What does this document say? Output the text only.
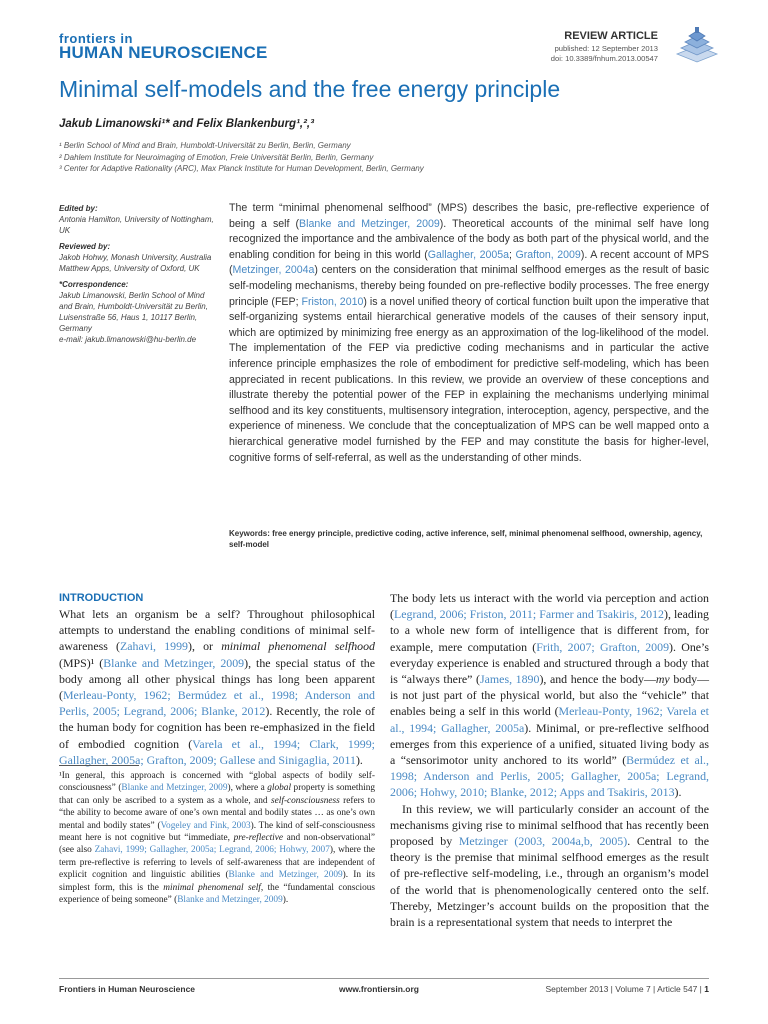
frontiers in
HUMAN NEUROSCIENCE
REVIEW ARTICLE
published: 12 September 2013
doi: 10.3389/fnhum.2013.00547
Minimal self-models and the free energy principle
Jakub Limanowski¹* and Felix Blankenburg¹,²,³
¹ Berlin School of Mind and Brain, Humboldt-Universität zu Berlin, Berlin, Germany
² Dahlem Institute for Neuroimaging of Emotion, Freie Universität Berlin, Berlin, Germany
³ Center for Adaptive Rationality (ARC), Max Planck Institute for Human Development, Berlin, Germany
Edited by:
Antonia Hamilton, University of Nottingham, UK
Reviewed by:
Jakob Hohwy, Monash University, Australia
Matthew Apps, University of Oxford, UK
*Correspondence:
Jakub Limanowski, Berlin School of Mind and Brain, Humboldt-Universität zu Berlin, Luisenstraße 56, Haus 1, 10117 Berlin, Germany
e-mail: jakub.limanowski@hu-berlin.de
The term “minimal phenomenal selfhood” (MPS) describes the basic, pre-reflective experience of being a self (Blanke and Metzinger, 2009). Theoretical accounts of the minimal self have long recognized the importance and the ambivalence of the body as both part of the physical world, and the enabling condition for being in this world (Gallagher, 2005a; Grafton, 2009). A recent account of MPS (Metzinger, 2004a) centers on the consideration that minimal selfhood emerges as the result of basic self-modeling mechanisms, thereby being founded on pre-reflective bodily processes. The free energy principle (FEP; Friston, 2010) is a novel unified theory of cortical function built upon the imperative that self-organizing systems entail hierarchical generative models of the causes of their sensory input, which are optimized by minimizing free energy as an approximation of the log-likelihood of the model. The implementation of the FEP via predictive coding mechanisms and in particular the active inference principle emphasizes the role of embodiment for predictive self-modeling, which has been appreciated in recent publications. In this review, we provide an overview of these conceptions and illustrate thereby the potential power of the FEP in explaining the mechanisms underlying minimal selfhood and its key constituents, multisensory integration, interoception, agency, perspective, and the experience of mineness. We conclude that the conceptualization of MPS can be well mapped onto a hierarchical generative model furnished by the FEP and may constitute the basis for higher-level, cognitive forms of self-referral, as well as the understanding of other minds.
Keywords: free energy principle, predictive coding, active inference, self, minimal phenomenal selfhood, ownership, agency, self-model
INTRODUCTION

What lets an organism be a self? Throughout philosophical attempts to understand the enabling conditions of minimal self-awareness (Zahavi, 1999), or minimal phenomenal selfhood (MPS)¹ (Blanke and Metzinger, 2009), the special status of the body among all other physical things has long been apparent (Merleau-Ponty, 1962; Bermúdez et al., 1998; Anderson and Perlis, 2005; Legrand, 2006; Blanke, 2012). Recently, the role of the human body for cognition has been re-emphasized in the field of embodied cognition (Varela et al., 1994; Clark, 1999; Gallagher, 2005a; Grafton, 2009; Gallese and Sinigaglia, 2011).

¹In general, this approach is concerned with “global aspects of bodily self-consciousness” (Blanke and Metzinger, 2009), where a global property is something that can only be ascribed to a system as a whole, and self-consciousness refers to “the ability to become aware of one’s own mental and bodily states … as one’s own mental and bodily states” (Vogeley and Fink, 2003). The kind of self-consciousness meant here is not cognitive but “immediate, pre-reflective and non-observational” (see also Zahavi, 1999; Gallagher, 2005a; Legrand, 2006; Hohwy, 2007), where the term pre-reflective is referring to levels of self-awareness that are independent of explicit cognition and linguistic abilities (Blanke and Metzinger, 2009). In its simplest form, this is the minimal phenomenal self, the “fundamental conscious experience of being someone” (Blanke and Metzinger, 2009).

The body lets us interact with the world via perception and action (Legrand, 2006; Friston, 2011; Farmer and Tsakiris, 2012), leading to a whole new form of intelligence that is different from, for example, mere computation (Frith, 2007; Grafton, 2009). One’s everyday experience is enabled and structured through a body that is “always there” (James, 1890), and hence the body—my body—is not just part of the physical world, but also the “vehicle” that enables being a self in this world (Merleau-Ponty, 1962; Varela et al., 1994; Gallagher, 2005a). Minimal, or pre-reflective selfhood emerges from this experience of a unified, situated living body as a “sensorimotor unity anchored to its world” (Bermúdez et al., 1998; Anderson and Perlis, 2005; Gallagher, 2005a; Legrand, 2006; Hohwy, 2010; Blanke, 2012; Apps and Tsakiris, 2013).

In this review, we will particularly consider an account of the mechanisms giving rise to minimal selfhood that has recently been proposed by Metzinger (2003, 2004a,b, 2005). Central to the theory is the premise that minimal selfhood emerges as the result of pre-reflective self-modeling, i.e., through an organism’s model of the world that is phenomenologically centered onto the self. Thereby, Metzinger’s account builds on the proposition that the brain is a representational system that needs to interpret the

Frontiers in Human Neuroscience	www.frontiersin.org	September 2013 | Volume 7 | Article 547 | 1
